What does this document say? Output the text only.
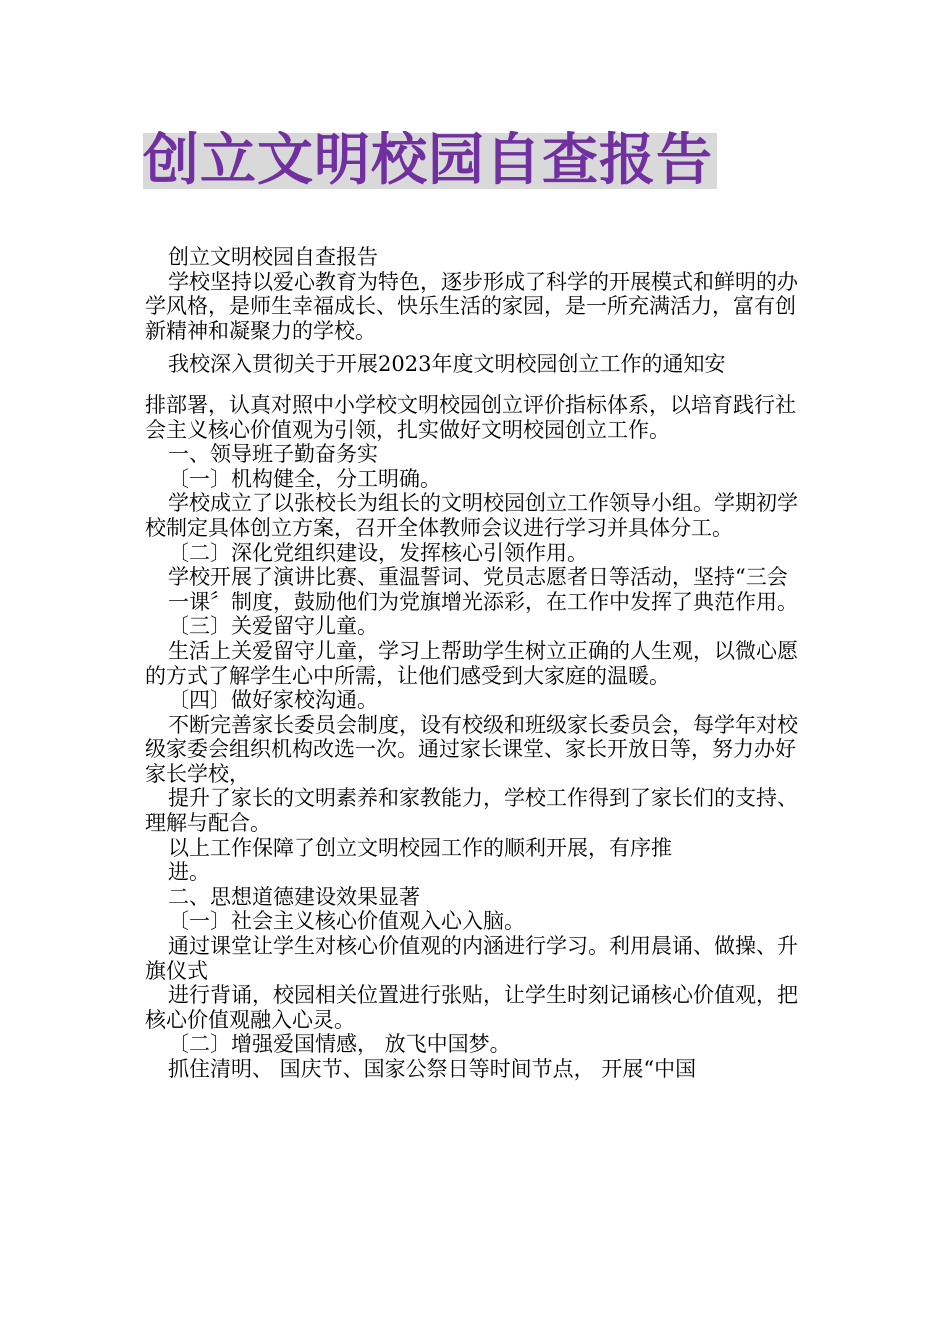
创立文明校园自查报告
创立文明校园自查报告
学校坚持以爱心教育为特色，逐步形成了科学的开展模式和鲜明的办学风格，是师生幸福成长、快乐生活的家园，是一所充满活力，富有创新精神和凝聚力的学校。
我校深入贯彻关于开展2023年度文明校园创立工作的通知安
排部署，认真对照中小学校文明校园创立评价指标体系，以培育践行社会主义核心价值观为引领，扎实做好文明校园创立工作。
一、领导班子勤奋务实
〔一〕机构健全，分工明确。
学校成立了以张校长为组长的文明校园创立工作领导小组。学期初学校制定具体创立方案，召开全体教师会议进行学习并具体分工。
〔二〕深化党组织建设，发挥核心引领作用。
学校开展了演讲比赛、重温誓词、党员志愿者日等活动，坚持“三会
一课〞制度，鼓励他们为党旗增光添彩，在工作中发挥了典范作用。
〔三〕关爱留守儿童。
生活上关爱留守儿童，学习上帮助学生树立正确的人生观，以微心愿的方式了解学生心中所需，让他们感受到大家庭的温暖。
〔四〕做好家校沟通。
不断完善家长委员会制度，设有校级和班级家长委员会，每学年对校级家委会组织机构改选一次。通过家长课堂、家长开放日等，努力办好家长学校，
提升了家长的文明素养和家教能力，学校工作得到了家长们的支持、理解与配合。
以上工作保障了创立文明校园工作的顺利开展，有序推
进。
二、思想道德建设效果显著
〔一〕社会主义核心价值观入心入脑。
通过课堂让学生对核心价值观的内涵进行学习。利用晨诵、做操、升旗仪式
进行背诵，校园相关位置进行张贴，让学生时刻记诵核心价值观，把核心价值观融入心灵。
〔二〕增强爱国情感， 放飞中国梦。
抓住清明、 国庆节、国家公祭日等时间节点， 开展“中国
